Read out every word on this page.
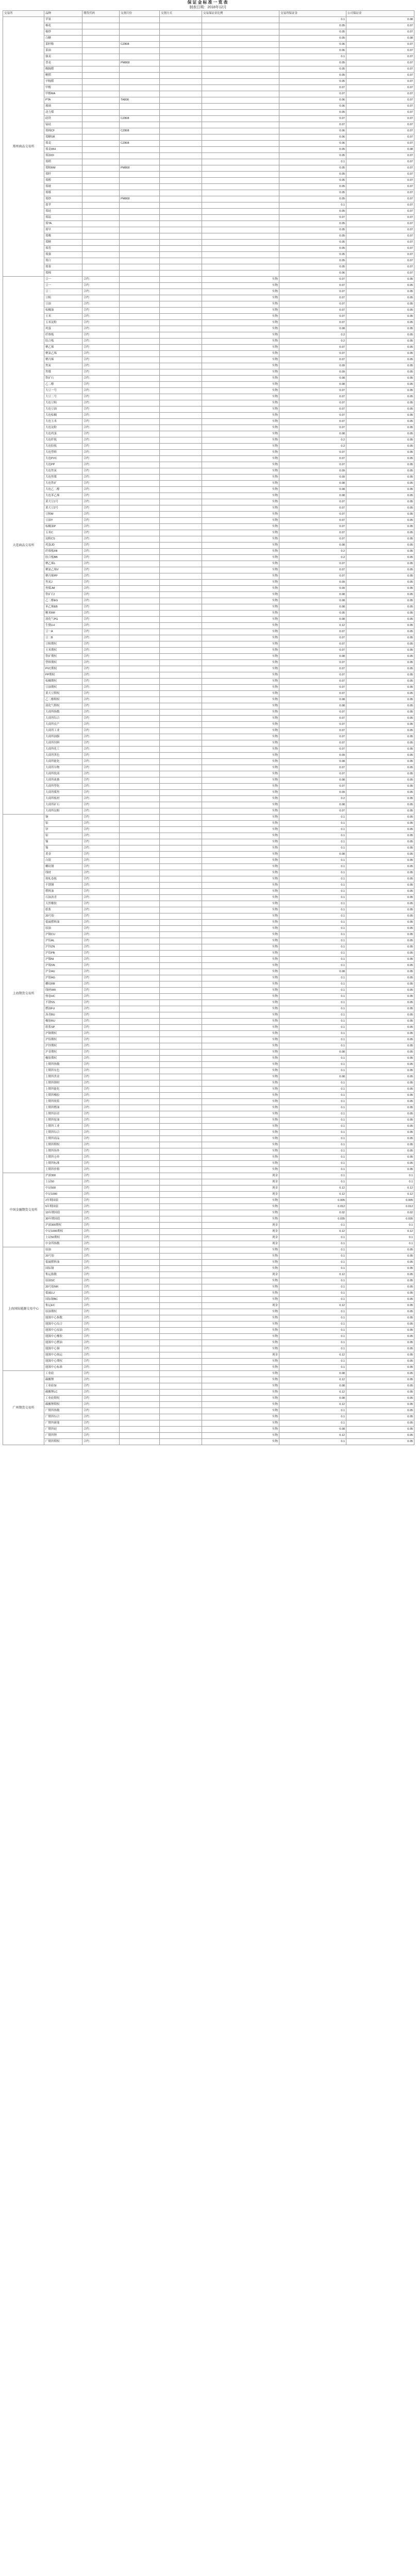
保证金标准一览表
制表日期：2018年12月
交易所	品种	期货代码	交割月份	交割方式	交易保证金比例	交易所保证金	公司保证金
郑州商品交易所	苹果					0.1	0.08
	棉花					0.05	0.07
	棉纱					0.05	0.07
	白糖					0.05	0.08
	菜籽粕		CZ808			0.06	0.07
	菜油					0.06	0.07
	强麦					0.1	0.07
	普麦		PM808			0.05	0.07
	晚籼稻					0.05	0.07
	粳稻					0.05	0.07
	早籼稻					0.05	0.07
	甲醇					0.07	0.07
	甲醇MA					0.07	0.07
	PTA		TA808			0.06	0.07
	玻璃					0.06	0.07
	动力煤					0.05	0.07
	硅铁		CZ808			0.07	0.07
	锰硅					0.07	0.07
	郑棉CF		CZ808			0.06	0.07
	郑糖SR					0.06	0.07
	郑麦		CZ808			0.06	0.07
	郑麦WH					0.05	0.08
	郑油OI					0.05	0.07
	郑稻					0.1	0.07
	郑粕RM		PM808			0.05	0.07
	郑籽					0.05	0.07
	郑醇					0.05	0.07
	郑玻					0.05	0.07
	郑煤					0.05	0.07
	郑纱		PM808			0.05	0.07
	郑苹					0.1	0.07
	郑硅					0.05	0.07
	郑锰					0.07	0.07
	郑TA					0.05	0.07
	郑早					0.05	0.07
	郑晚					0.05	0.07
	郑粳					0.05	0.07
	郑普					0.05	0.07
	郑强					0.05	0.07
	郑白					0.05	0.07
	郑菜					0.05	0.07
	郑棉					0.06	0.07
大连商品交易所	豆一	合约			实物	0.07	0.05
	豆一	合约			实物	0.07	0.05
	豆二	合约			实物	0.07	0.05
	豆粕	合约			实物	0.07	0.05
	豆油	合约			实物	0.07	0.05
	棕榈油	合约			实物	0.07	0.05
	玉米	合约			实物	0.07	0.05
	玉米淀粉	合约			实物	0.07	0.05
	鸡蛋	合约			实物	0.08	0.05
	纤维板	合约			实物	0.2	0.05
	胶合板	合约			实物	0.2	0.05
	聚乙烯	合约			实物	0.07	0.05
	聚氯乙烯	合约			实物	0.07	0.05
	聚丙烯	合约			实物	0.07	0.05
	焦炭	合约			实物	0.09	0.05
	焦煤	合约			实物	0.09	0.05
	铁矿石	合约			实物	0.08	0.05
	乙二醇	合约			实物	0.08	0.05
	大豆一号	合约			实物	0.07	0.05
	大豆二号	合约			实物	0.07	0.05
	大连豆粕	合约			实物	0.07	0.05
	大连豆油	合约			实物	0.07	0.05
	大连棕榈	合约			实物	0.07	0.05
	大连玉米	合约			实物	0.07	0.05
	大连淀粉	合约			实物	0.07	0.05
	大连鸡蛋	合约			实物	0.08	0.05
	大连纤板	合约			实物	0.2	0.05
	大连胶板	合约			实物	0.2	0.05
	大连塑料	合约			实物	0.07	0.05
	大连PVC	合约			实物	0.07	0.05
	大连PP	合约			实物	0.07	0.05
	大连焦炭	合约			实物	0.09	0.05
	大连焦煤	合约			实物	0.09	0.05
	大连铁矿	合约			实物	0.08	0.05
	大连乙二醇	合约			实物	0.08	0.05
	大连苯乙烯	合约			实物	0.08	0.05
	黄大豆1号	合约			实物	0.07	0.05
	黄大豆2号	合约			实物	0.07	0.05
	豆粕M	合约			实物	0.07	0.05
	豆油Y	合约			实物	0.07	0.05
	棕榈油P	合约			实物	0.07	0.05
	玉米C	合约			实物	0.07	0.05
	淀粉CS	合约			实物	0.07	0.05
	鸡蛋JD	合约			实物	0.08	0.05
	纤维板FB	合约			实物	0.2	0.05
	胶合板BB	合约			实物	0.2	0.05
	聚乙烯L	合约			实物	0.07	0.05
	聚氯乙烯V	合约			实物	0.07	0.05
	聚丙烯PP	合约			实物	0.07	0.05
	焦炭J	合约			实物	0.09	0.05
	焦煤JM	合约			实物	0.09	0.05
	铁矿石I	合约			实物	0.08	0.05
	乙二醇EG	合约			实物	0.08	0.05
	苯乙烯EB	合约			实物	0.08	0.05
	粳米RR	合约			实物	0.05	0.05
	液化气PG	合约			实物	0.08	0.05
	生猪LH	合约			实物	0.12	0.05
	豆一A	合约			实物	0.07	0.05
	豆二B	合约			实物	0.07	0.05
	豆粕期权	合约			实物	0.07	0.05
	玉米期权	合约			实物	0.07	0.05
	铁矿期权	合约			实物	0.08	0.05
	塑料期权	合约			实物	0.07	0.05
	PVC期权	合约			实物	0.07	0.05
	PP期权	合约			实物	0.07	0.05
	棕榈期权	合约			实物	0.07	0.05
	豆油期权	合约			实物	0.07	0.05
	黄大豆期权	合约			实物	0.07	0.05
	乙二醇期权	合约			实物	0.08	0.05
	液化气期权	合约			实物	0.08	0.05
	大商所指数	合约			实物	0.07	0.05
	大商所综合	合约			实物	0.07	0.05
	大商所农产	合约			实物	0.07	0.05
	大商所工业	合约			实物	0.07	0.05
	大商所油脂	合约			实物	0.07	0.05
	大商所饲料	合约			实物	0.07	0.05
	大商所化工	合约			实物	0.07	0.05
	大商所黑色	合约			实物	0.09	0.05
	大商所能化	合约			实物	0.08	0.05
	大商所谷物	合约			实物	0.07	0.05
	大商所软商	合约			实物	0.07	0.05
	大商所禽畜	合约			实物	0.08	0.05
	大商所塑化	合约			实物	0.07	0.05
	大商所煤焦	合约			实物	0.09	0.05
	大商所板材	合约			实物	0.2	0.05
	大商所矿石	合约			实物	0.08	0.05
	大商所淀粉	合约			实物	0.07	0.05
上海期货交易所	铜	合约			实物	0.1	0.05
	铝	合约			实物	0.1	0.05
	锌	合约			实物	0.1	0.05
	铅	合约			实物	0.1	0.05
	镍	合约			实物	0.1	0.05
	锡	合约			实物	0.1	0.05
	黄金	合约			实物	0.08	0.05
	白银	合约			实物	0.1	0.05
	螺纹钢	合约			实物	0.1	0.05
	线材	合约			实物	0.1	0.05
	热轧卷板	合约			实物	0.1	0.05
	不锈钢	合约			实物	0.1	0.05
	燃料油	合约			实物	0.1	0.05
	石油沥青	合约			实物	0.1	0.05
	天然橡胶	合约			实物	0.1	0.05
	纸浆	合约			实物	0.1	0.05
	20号胶	合约			实物	0.1	0.05
	低硫燃料油	合约			实物	0.1	0.05
	原油	合约			实物	0.1	0.05
	沪铜CU	合约			实物	0.1	0.05
	沪铝AL	合约			实物	0.1	0.05
	沪锌ZN	合约			实物	0.1	0.05
	沪铅PB	合约			实物	0.1	0.05
	沪镍NI	合约			实物	0.1	0.05
	沪锡SN	合约			实物	0.1	0.05
	沪金AU	合约			实物	0.08	0.05
	沪银AG	合约			实物	0.1	0.05
	螺纹RB	合约			实物	0.1	0.05
	线材WR	合约			实物	0.1	0.05
	热卷HC	合约			实物	0.1	0.05
	不锈SS	合约			实物	0.1	0.05
	燃油FU	合约			实物	0.1	0.05
	沥青BU	合约			实物	0.1	0.05
	橡胶RU	合约			实物	0.1	0.05
	纸浆SP	合约			实物	0.1	0.05
	沪铜期权	合约			实物	0.1	0.05
	沪铝期权	合约			实物	0.1	0.05
	沪锌期权	合约			实物	0.1	0.05
	沪金期权	合约			实物	0.08	0.05
	橡胶期权	合约			实物	0.1	0.05
	上期所指数	合约			实物	0.1	0.05
	上期所有色	合约			实物	0.1	0.05
	上期所贵金	合约			实物	0.08	0.05
	上期所钢材	合约			实物	0.1	0.05
	上期所能化	合约			实物	0.1	0.05
	上期所橡胶	合约			实物	0.1	0.05
	上期所纸浆	合约			实物	0.1	0.05
	上期所燃油	合约			实物	0.1	0.05
	上期所沥青	合约			实物	0.1	0.05
	上期所原油	合约			实物	0.1	0.05
	上期所工业	合约			实物	0.1	0.05
	上期所综合	合约			实物	0.1	0.05
	上期所商品	合约			实物	0.1	0.05
	上期所期权	合约			实物	0.1	0.05
	上期所场外	合约			实物	0.1	0.05
	上期所仓单	合约			实物	0.1	0.05
	上期所标准	合约			实物	0.1	0.05
	上期所价格	合约			实物	0.1	0.05
中国金融期货交易所	沪深300	合约			现金	0.1	0.1
	上证50	合约			现金	0.1	0.1
	中证500	合约			现金	0.12	0.12
	中证1000	合约			现金	0.12	0.12
	2年期国债	合约			实物	0.005	0.005
	5年期国债	合约			实物	0.012	0.012
	10年期国债	合约			实物	0.02	0.02
	30年期国债	合约			实物	0.035	0.035
	沪深300期权	合约			现金	0.1	0.1
	中证1000期权	合约			现金	0.12	0.12
	上证50期权	合约			现金	0.1	0.1
	中金所指数	合约			现金	0.1	0.1
上海国际能源交易中心	原油	合约			实物	0.1	0.05
	20号胶	合约			实物	0.1	0.05
	低硫燃料油	合约			实物	0.1	0.05
	国际铜	合约			实物	0.1	0.05
	集运指数	合约			现金	0.12	0.05
	原油SC	合约			实物	0.1	0.05
	20号胶NR	合约			实物	0.1	0.05
	低硫LU	合约			实物	0.1	0.05
	国际铜BC	合约			实物	0.1	0.05
	集运EC	合约			现金	0.12	0.05
	原油期权	合约			实物	0.1	0.05
	能源中心指数	合约			实物	0.1	0.05
	能源中心综合	合约			实物	0.1	0.05
	能源中心原油	合约			实物	0.1	0.05
	能源中心橡胶	合约			实物	0.1	0.05
	能源中心燃油	合约			实物	0.1	0.05
	能源中心铜	合约			实物	0.1	0.05
	能源中心航运	合约			现金	0.12	0.05
	能源中心期权	合约			实物	0.1	0.05
	能源中心标准	合约			实物	0.1	0.05
广州期货交易所	工业硅	合约			实物	0.08	0.05
	碳酸锂	合约			实物	0.12	0.05
	工业硅SI	合约			实物	0.08	0.05
	碳酸锂LC	合约			实物	0.12	0.05
	工业硅期权	合约			实物	0.08	0.05
	碳酸锂期权	合约			实物	0.12	0.05
	广期所指数	合约			实物	0.1	0.05
	广期所综合	合约			实物	0.1	0.05
	广期所新能	合约			实物	0.1	0.05
	广期所硅	合约			实物	0.08	0.05
	广期所锂	合约			实物	0.12	0.05
	广期所期权	合约			实物	0.1	0.05
